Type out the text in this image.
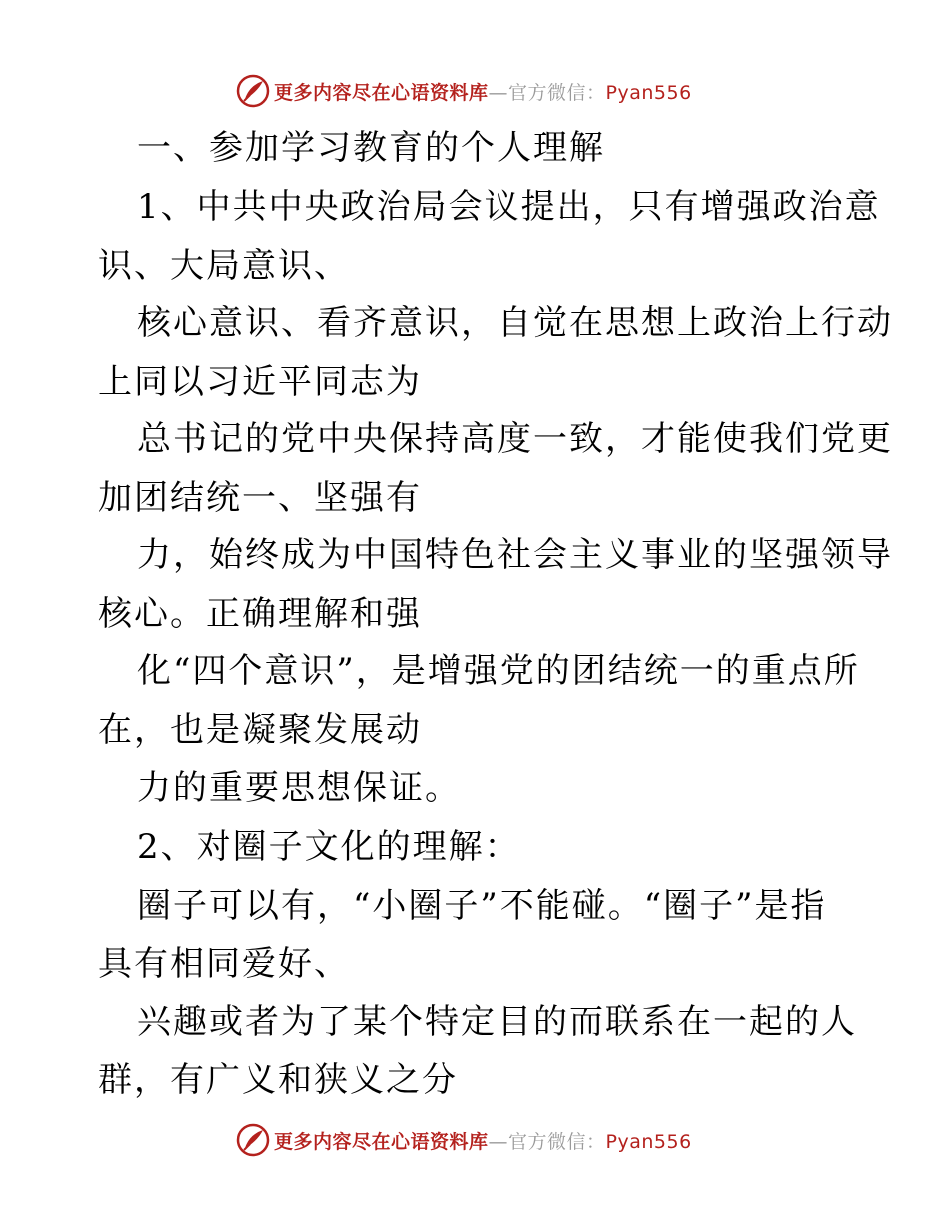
更多内容尽在心语资料库—官方微信：Pyan556
一、参加学习教育的个人理解
1、中共中央政治局会议提出，只有增强政治意
识、大局意识、
核心意识、看齐意识，自觉在思想上政治上行动
上同以习近平同志为
总书记的党中央保持高度一致，才能使我们党更
加团结统一、坚强有
力，始终成为中国特色社会主义事业的坚强领导
核心。正确理解和强
化“四个意识”，是增强党的团结统一的重点所
在，也是凝聚发展动
力的重要思想保证。
2、对圈子文化的理解：
圈子可以有，“小圈子”不能碰。“圈子”是指
具有相同爱好、
兴趣或者为了某个特定目的而联系在一起的人
群，有广义和狭义之分
更多内容尽在心语资料库—官方微信：Pyan556
